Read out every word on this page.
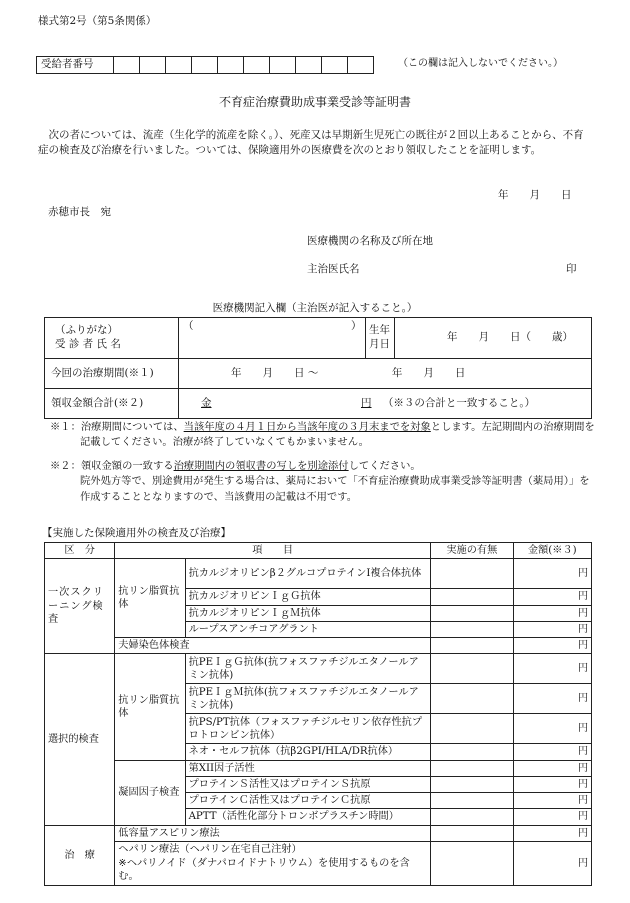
様式第2号（第5条関係）
受給者番号											（この欄は記入しないでください。）
不育症治療費助成事業受診等証明書
次の者については、流産（生化学的流産を除く。）、死産又は早期新生児死亡の既往が２回以上あることから、不育症の検査及び治療を行いました。ついては、保険適用外の医療費を次のとおり領収したことを証明します。
年　　月　　日
赤穂市長　宛
医療機関の名称及び所在地
主治医氏名	印
医療機関記入欄（主治医が記入すること。）
（ふりがな）
受 診 者 氏 名	（　　　　　　　　　　　　　　　）	生年月日	年　　月　　日（　　歳）
今回の治療期間(※１)	年　　月　　日 ～　　　　　　　年　　月　　日		
領収金額合計(※２)	金 円 （※３の合計と一致すること。）		
※１：治療期間については、当該年度の４月１日から当該年度の３月末までを対象とします。左記期間内の治療期間を記載してください。治療が終了していなくてもかまいません。
※２：領収金額の一致する治療期間内の領収書の写しを別途添付してください。
院外処方等で、別途費用が発生する場合は、薬局において「不育症治療費助成事業受診等証明書（薬局用）」を作成することとなりますので、当該費用の記載は不用です。
【実施した保険適用外の検査及び治療】
区　分	項　　目		実施の有無	金額(※３)
一次スクリーニング検査	抗リン脂質抗体	抗カルジオリピンβ２グルコプロテインⅠ複合体抗体		円
		抗カルジオリピンＩｇＧ抗体		円
		抗カルジオリピンＩｇＭ抗体		円
		ループスアンチコアグラント		円
	夫婦染色体検査			円
選択的検査	抗リン脂質抗体	抗PEＩｇＧ抗体(抗フォスファチジルエタノールアミン抗体)		円
		抗PEＩｇＭ抗体(抗フォスファチジルエタノールアミン抗体)		円
		抗PS/PT抗体（フォスファチジルセリン依存性抗プロトロンビン抗体）		円
		ネオ・セルフ抗体（抗β2GPI/HLA/DR抗体）		円
	凝固因子検査	第XII因子活性		円
		プロテインＳ活性又はプロテインＳ抗原		円
		プロテインＣ活性又はプロテインＣ抗原		円
		APTT（活性化部分トロンボプラスチン時間）		円
治　療	低容量アスピリン療法			円
	ヘパリン療法（ヘパリン在宅自己注射）
※ヘパリノイド（ダナパロイドナトリウム）を使用するものを含む。			円
